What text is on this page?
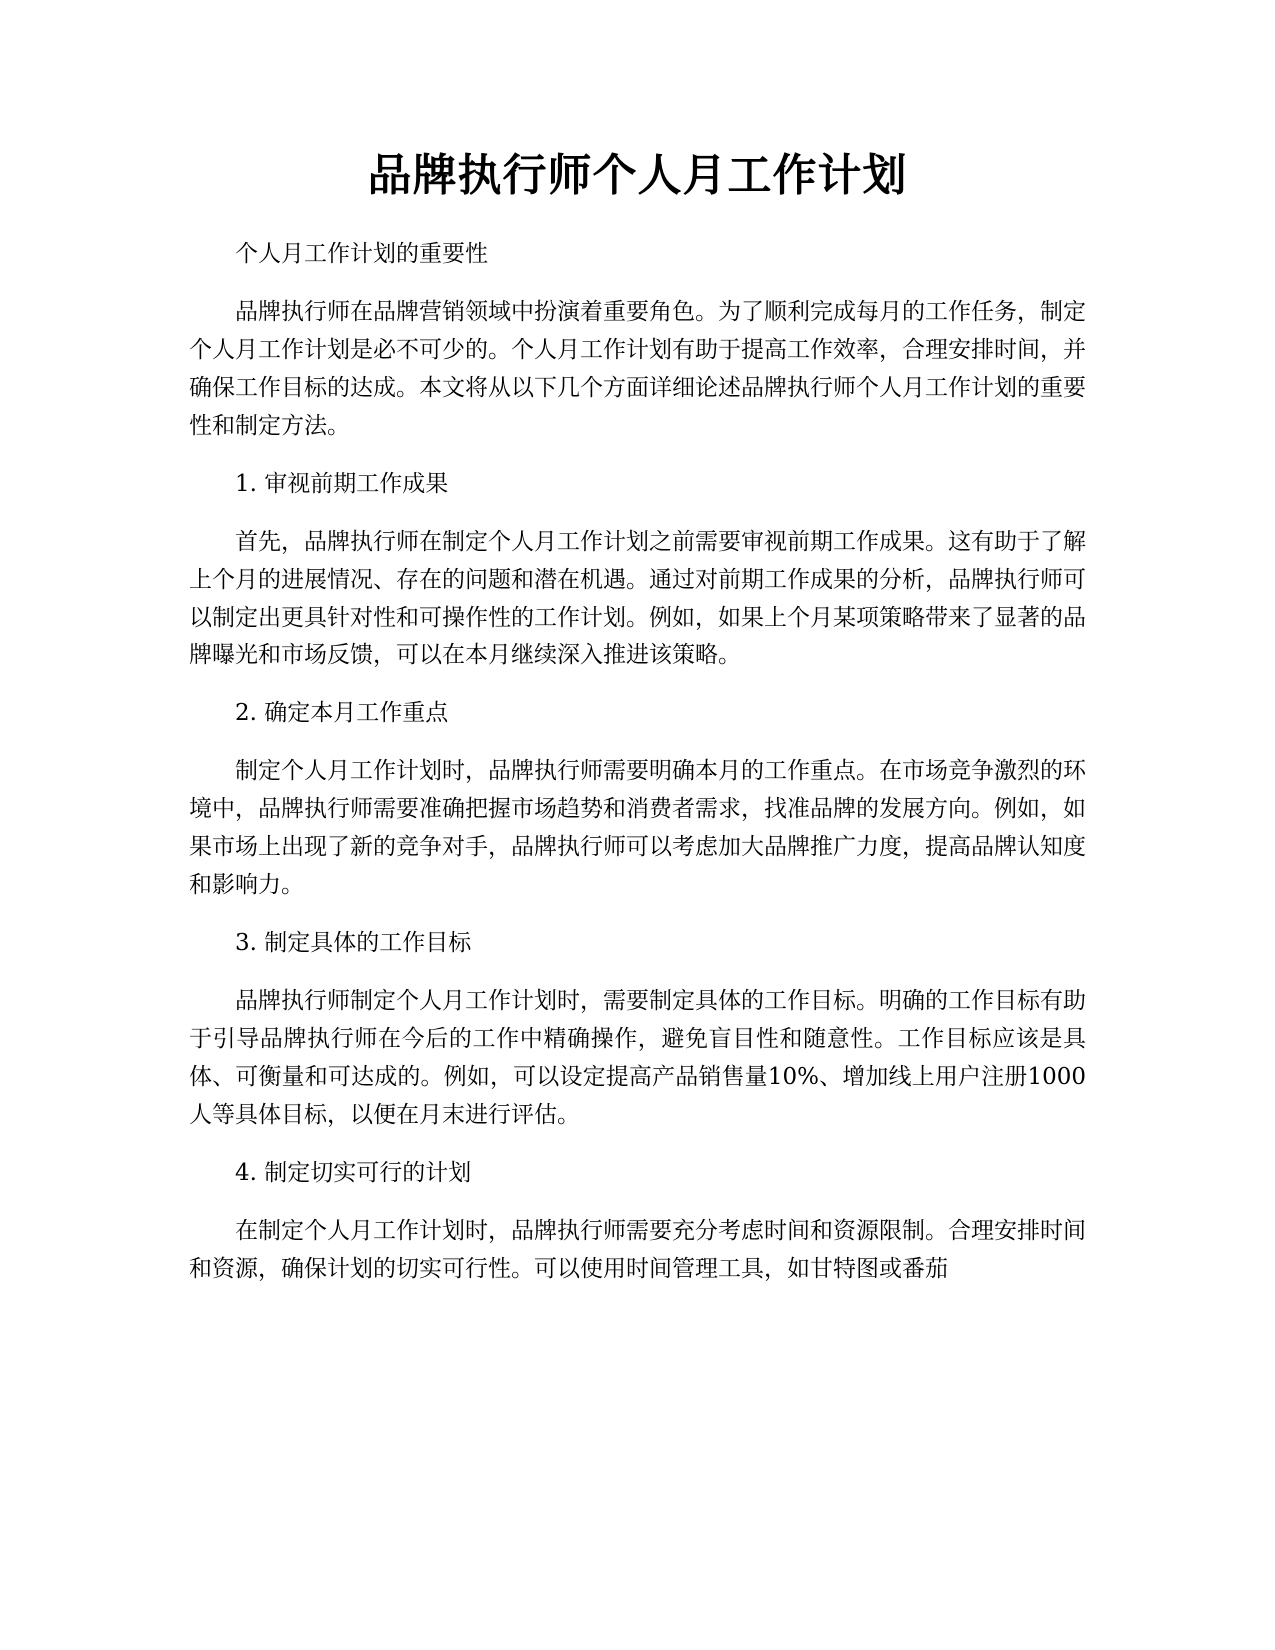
品牌执行师个人月工作计划

个人月工作计划的重要性

品牌执行师在品牌营销领域中扮演着重要角色。为了顺利完成每月的工作任务，制定个人月工作计划是必不可少的。个人月工作计划有助于提高工作效率，合理安排时间，并确保工作目标的达成。本文将从以下几个方面详细论述品牌执行师个人月工作计划的重要性和制定方法。

1. 审视前期工作成果

首先，品牌执行师在制定个人月工作计划之前需要审视前期工作成果。这有助于了解上个月的进展情况、存在的问题和潜在机遇。通过对前期工作成果的分析，品牌执行师可以制定出更具针对性和可操作性的工作计划。例如，如果上个月某项策略带来了显著的品牌曝光和市场反馈，可以在本月继续深入推进该策略。

2. 确定本月工作重点

制定个人月工作计划时，品牌执行师需要明确本月的工作重点。在市场竞争激烈的环境中，品牌执行师需要准确把握市场趋势和消费者需求，找准品牌的发展方向。例如，如果市场上出现了新的竞争对手，品牌执行师可以考虑加大品牌推广力度，提高品牌认知度和影响力。

3. 制定具体的工作目标

品牌执行师制定个人月工作计划时，需要制定具体的工作目标。明确的工作目标有助于引导品牌执行师在今后的工作中精确操作，避免盲目性和随意性。工作目标应该是具体、可衡量和可达成的。例如，可以设定提高产品销售量10%、增加线上用户注册1000人等具体目标，以便在月末进行评估。

4. 制定切实可行的计划

在制定个人月工作计划时，品牌执行师需要充分考虑时间和资源限制。合理安排时间和资源，确保计划的切实可行性。可以使用时间管理工具，如甘特图或番茄
